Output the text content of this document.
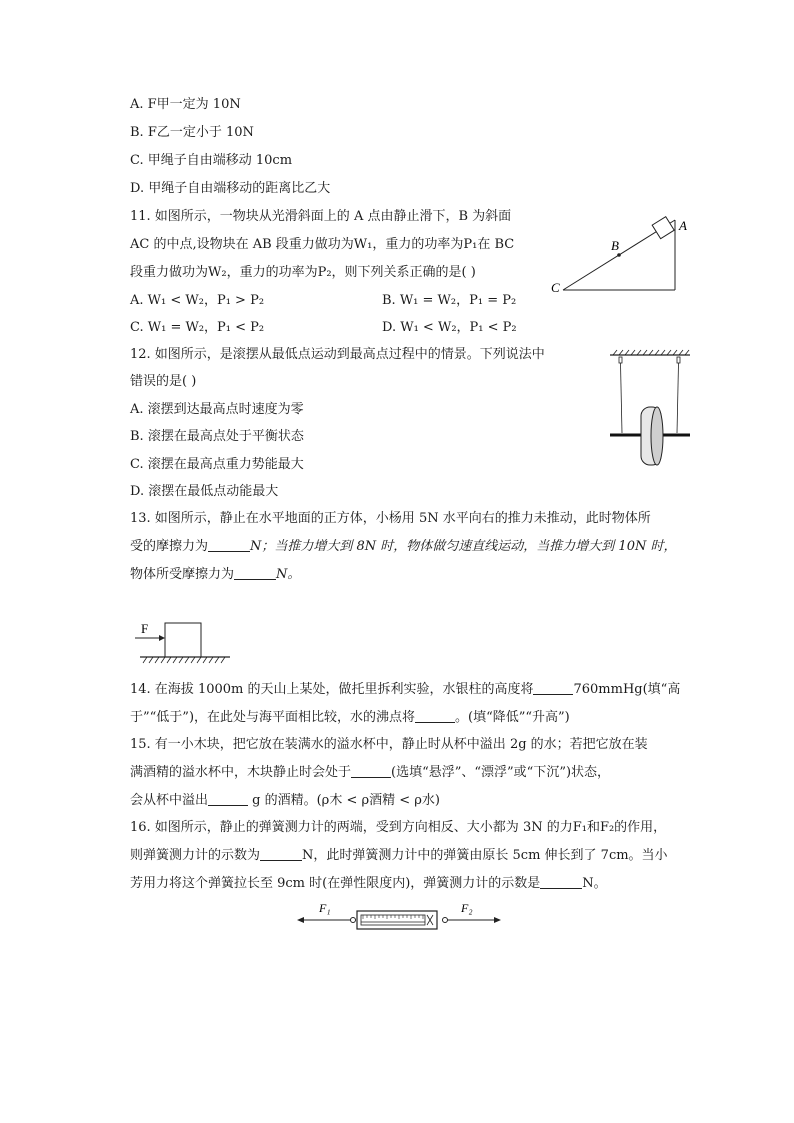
A. F甲一定为 10N
B. F乙一定小于 10N
C. 甲绳子自由端移动 10cm
D. 甲绳子自由端移动的距离比乙大
11. 如图所示，一物块从光滑斜面上的 A 点由静止滑下，B 为斜面
AC 的中点,设物块在 AB 段重力做功为W₁，重力的功率为P₁在 BC
段重力做功为W₂，重力的功率为P₂，则下列关系正确的是( )
A. W₁ < W₂，P₁ > P₂	B. W₁ = W₂，P₁ = P₂
C. W₁ = W₂，P₁ < P₂	D. W₁ < W₂，P₁ < P₂
A
B
C
12. 如图所示，是滚摆从最低点运动到最高点过程中的情景。下列说法中
错误的是( )
A. 滚摆到达最高点时速度为零
B. 滚摆在最高点处于平衡状态
C. 滚摆在最高点重力势能最大
D. 滚摆在最低点动能最大
13. 如图所示，静止在水平地面的正方体，小杨用 5N 水平向右的推力未推动，此时物体所
受的摩擦力为	N；当推力增大到 8N 时，物体做匀速直线运动，当推力增大到 10N 时，
物体所受摩擦力为	N。
F
14. 在海拔 1000m 的天山上某处，做托里拆利实验，水银柱的高度将	760mmHg(填“高
于”“低于”)，在此处与海平面相比较，水的沸点将	。(填“降低”“升高”)
15. 有一小木块，把它放在装满水的溢水杯中，静止时从杯中溢出 2g 的水；若把它放在装
满酒精的溢水杯中，木块静止时会处于	(选填“悬浮”、“漂浮”或“下沉”)状态，
会从杯中溢出	g 的酒精。(ρ木 < ρ酒精 < ρ水)
16. 如图所示，静止的弹簧测力计的两端，受到方向相反、大小都为 3N 的力F₁和F₂的作用，
则弹簧测力计的示数为	N，此时弹簧测力计中的弹簧由原长 5cm 伸长到了 7cm。当小
芳用力将这个弹簧拉长至 9cm 时(在弹性限度内)，弹簧测力计的示数是	N。
F₁	F₂
